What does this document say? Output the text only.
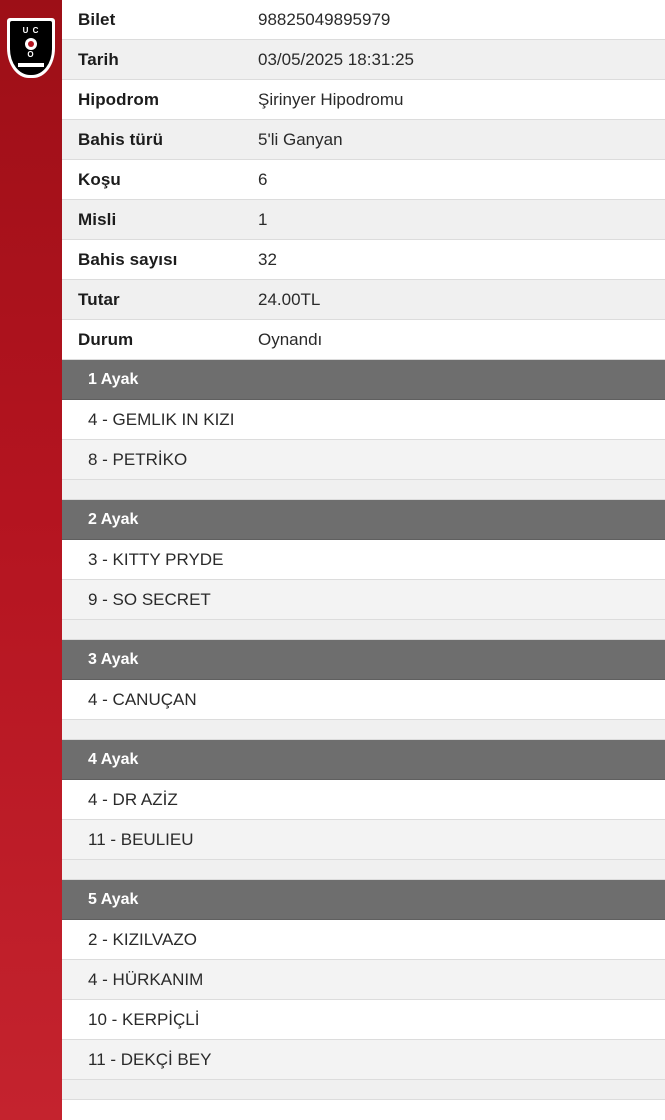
U C
O
Bilet	98825049895979
Tarih	03/05/2025 18:31:25
Hipodrom	Şirinyer Hipodromu
Bahis türü	5'li Ganyan
Koşu	6
Misli	1
Bahis sayısı	32
Tutar	24.00TL
Durum	Oynandı
1 Ayak
4 - GEMLIK IN KIZI
8 - PETRİKO
2 Ayak
3 - KITTY PRYDE
9 - SO SECRET
3 Ayak
4 - CANUÇAN
4 Ayak
4 - DR AZİZ
11 - BEULIEU
5 Ayak
2 - KIZILVAZO
4 - HÜRKANIM
10 - KERPİÇLİ
11 - DEKÇİ BEY
